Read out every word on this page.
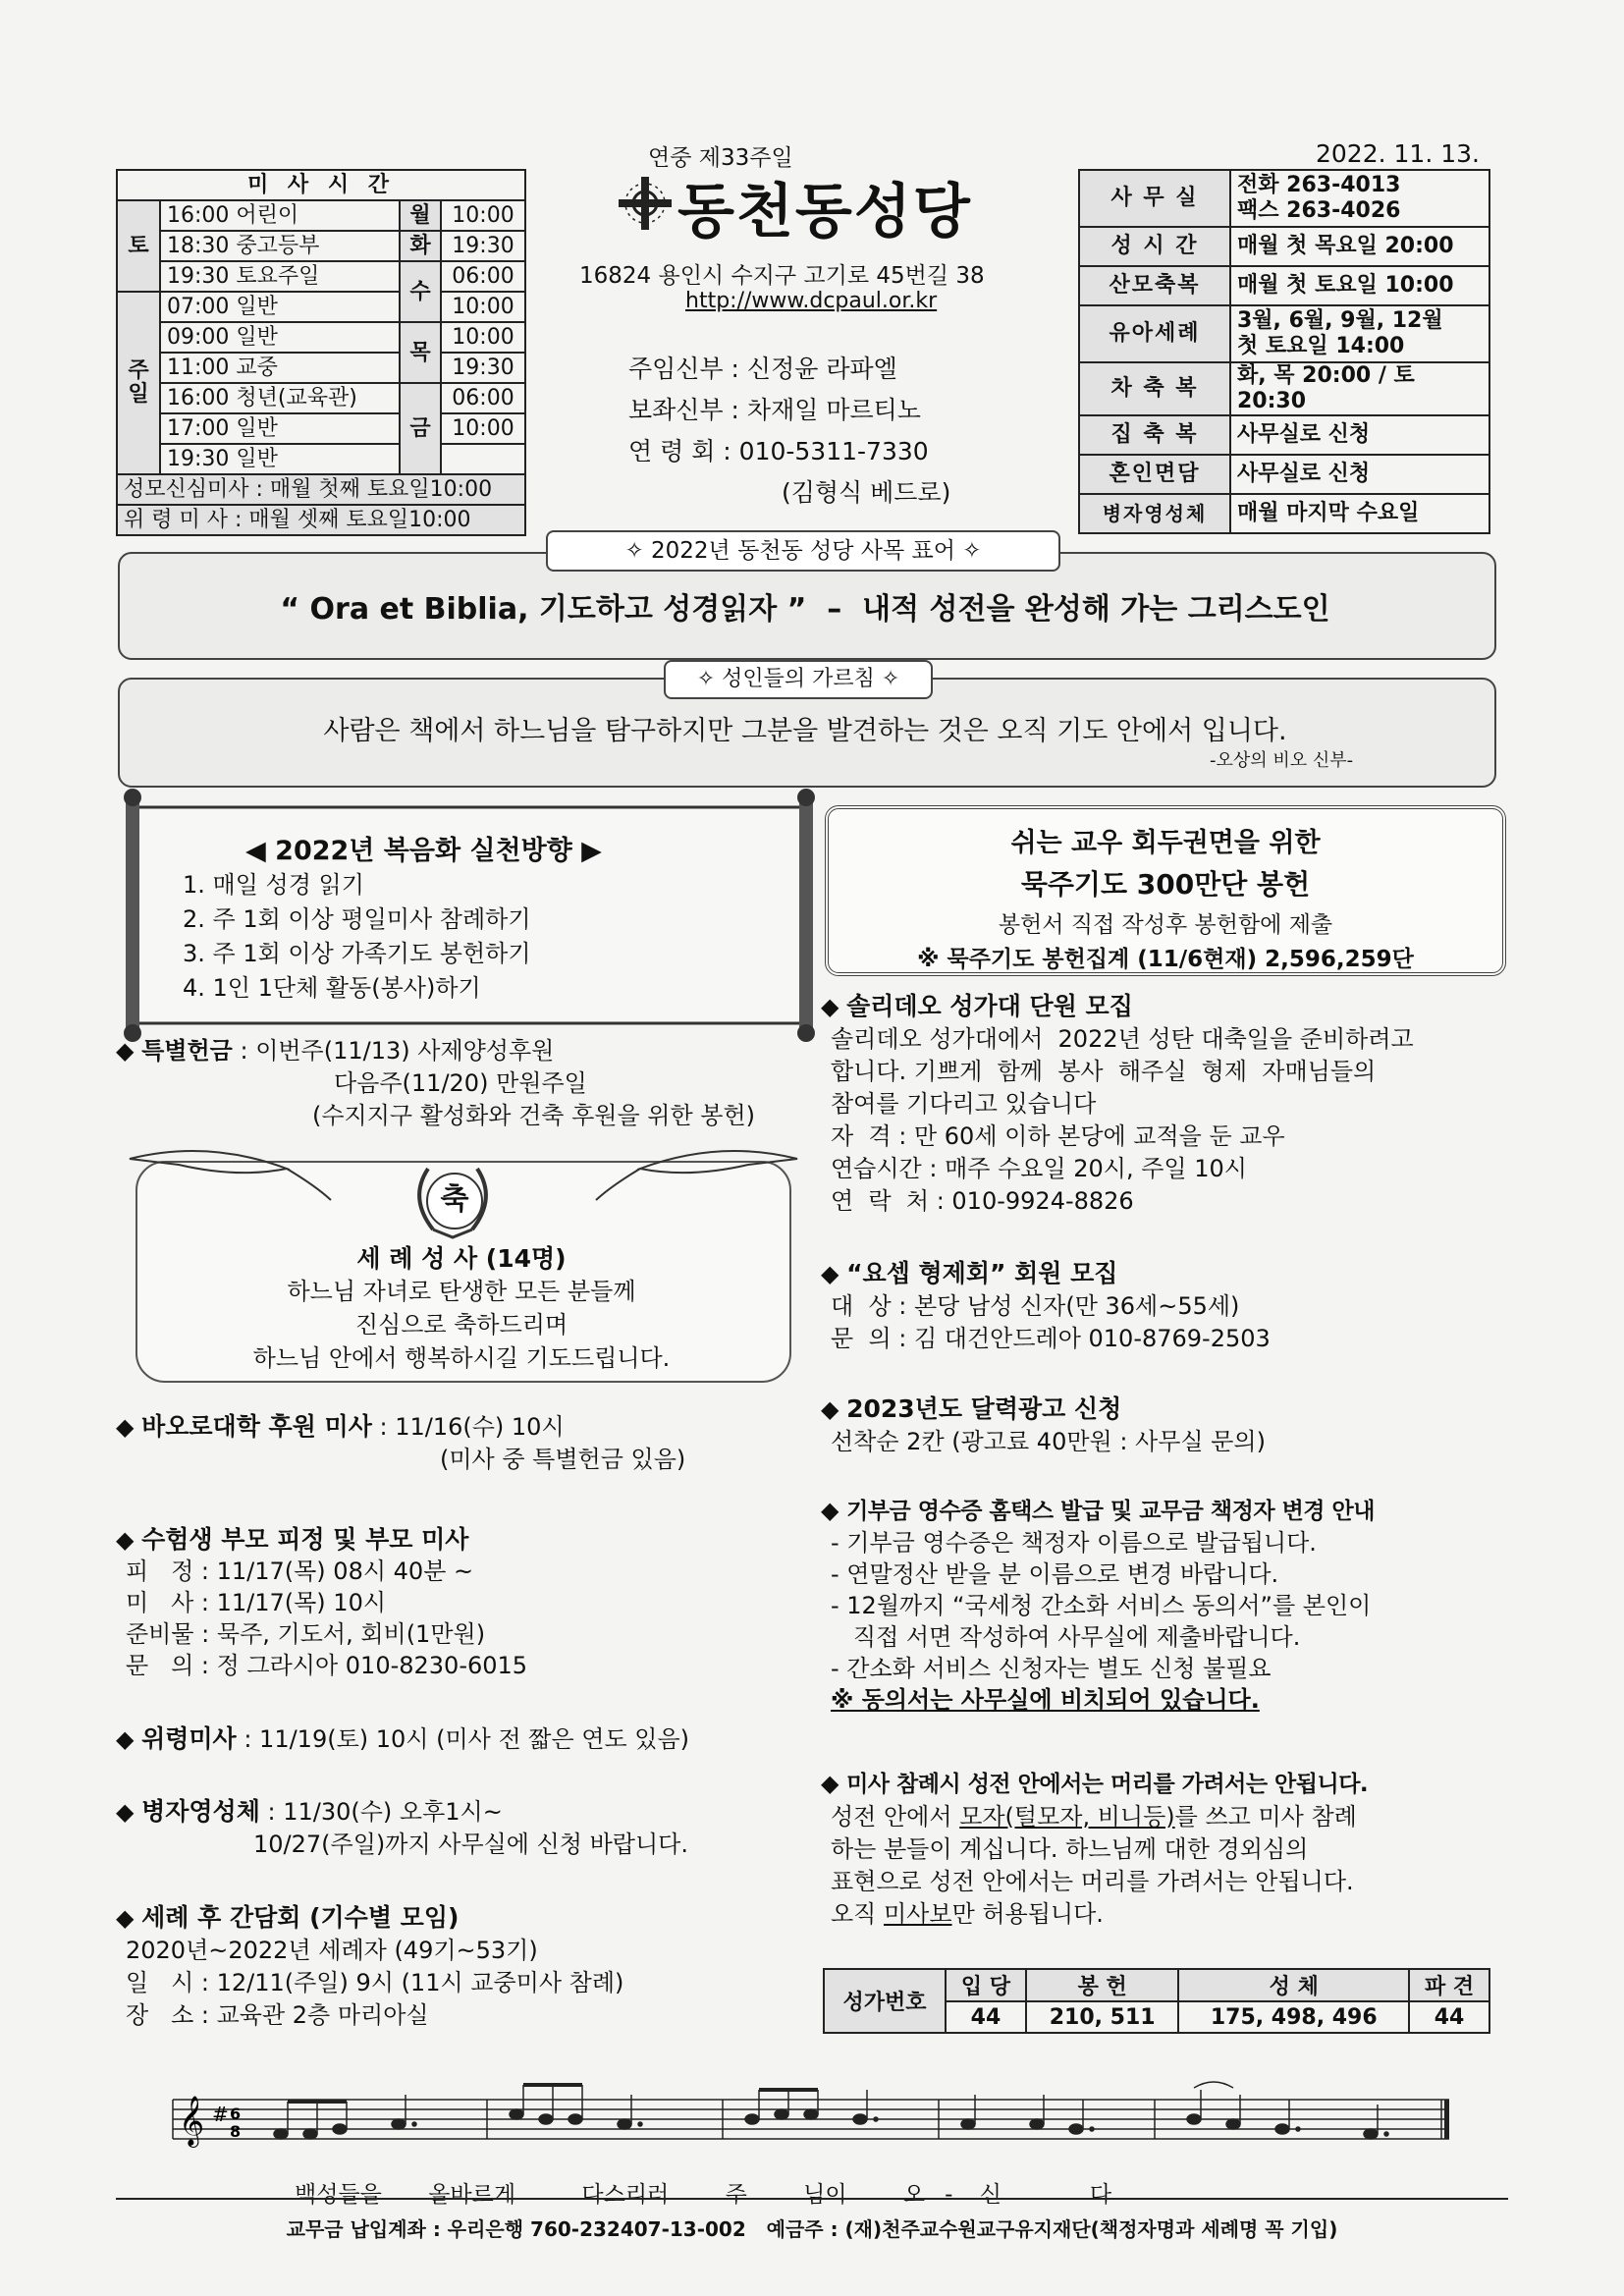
연중 제33주일	2022. 11. 13.
미 사 시 간			
토	16:00 어린이	월	10:00
	18:30 중고등부	화	19:30
	19:30 토요주일	수	06:00
주
일	07:00 일반		10:00
	09:00 일반	목	10:00
	11:00 교중		19:30
	16:00 청년(교육관)	금	06:00
	17:00 일반		10:00
	19:30 일반		
성모신심미사 : 매월 첫째 토요일10:00			
위 령 미 사 : 매월 셋째 토요일10:00			
동천동성당
16824 용인시 수지구 고기로 45번길 38
http://www.dcpaul.or.kr
주임신부 : 신정윤 라파엘
보좌신부 : 차재일 마르티노
연 령 회 : 010-5311-7330
(김형식 베드로)
사 무 실	전화 263-4013
팩스 263-4026

성 시 간	매월 첫 목요일 20:00
산모축복	매월 첫 토요일 10:00
유아세례	3월, 6월, 9월, 12월
첫 토요일 14:00

차 축 복	화, 목 20:00 / 토 20:30
집 축 복	사무실로 신청
혼인면담	사무실로 신청
병자영성체	매월 마지막 수요일
✧ 2022년 동천동 성당 사목 표어 ✧
“ Ora et Biblia, 기도하고 성경읽자 ”  –  내적 성전을 완성해 가는 그리스도인
✧ 성인들의 가르침 ✧
사람은 책에서 하느님을 탐구하지만 그분을 발견하는 것은 오직 기도 안에서 입니다.
-오상의 비오 신부-
◀ 2022년 복음화 실천방향 ▶
1. 매일 성경 읽기
2. 주 1회 이상 평일미사 참례하기
3. 주 1회 이상 가족기도 봉헌하기
4. 1인 1단체 활동(봉사)하기
쉬는 교우 회두권면을 위한
묵주기도 300만단 봉헌
봉헌서 직접 작성후 봉헌함에 제출
※ 묵주기도 봉헌집계 (11/6현재) 2,596,259단
◆ 특별헌금 : 이번주(11/13) 사제양성후원
다음주(11/20) 만원주일
(수지지구 활성화와 건축 후원을 위한 봉헌)
축
세 례 성 사 (14명)
하느님 자녀로 탄생한 모든 분들께
진심으로 축하드리며
하느님 안에서 행복하시길 기도드립니다.
◆ 바오로대학 후원 미사 : 11/16(수) 10시
(미사 중 특별헌금 있음)
◆ 수험생 부모 피정 및 부모 미사
피   정 : 11/17(목) 08시 40분 ~
미   사 : 11/17(목) 10시
준비물 : 묵주, 기도서, 회비(1만원)
문   의 : 정 그라시아 010-8230-6015
◆ 위령미사 : 11/19(토) 10시 (미사 전 짧은 연도 있음)
◆ 병자영성체 : 11/30(수) 오후1시~
10/27(주일)까지 사무실에 신청 바랍니다.
◆ 세례 후 간담회 (기수별 모임)
2020년~2022년 세례자 (49기~53기)
일   시 : 12/11(주일) 9시 (11시 교중미사 참례)
장   소 : 교육관 2층 마리아실
◆ 솔리데오 성가대 단원 모집
솔리데오 성가대에서  2022년 성탄 대축일을 준비하려고
합니다. 기쁘게  함께  봉사  해주실  형제  자매님들의
참여를 기다리고 있습니다
자  격 : 만 60세 이하 본당에 교적을 둔 교우
연습시간 : 매주 수요일 20시, 주일 10시
연  락  처 : 010-9924-8826
◆ “요셉 형제회” 회원 모집
대  상 : 본당 남성 신자(만 36세~55세)
문  의 : 김 대건안드레아 010-8769-2503
◆ 2023년도 달력광고 신청
선착순 2칸 (광고료 40만원 : 사무실 문의)
◆ 기부금 영수증 홈택스 발급 및 교무금 책정자 변경 안내
- 기부금 영수증은 책정자 이름으로 발급됩니다.
- 연말정산 받을 분 이름으로 변경 바랍니다.
- 12월까지 “국세청 간소화 서비스 동의서”를 본인이
직접 서면 작성하여 사무실에 제출바랍니다.
- 간소화 서비스 신청자는 별도 신청 불필요
※ 동의서는 사무실에 비치되어 있습니다.
◆ 미사 참례시 성전 안에서는 머리를 가려서는 안됩니다.
성전 안에서 모자(털모자, 비니등)를 쓰고 미사 참례
하는 분들이 계십니다. 하느님께 대한 경외심의
표현으로 성전 안에서는 머리를 가려서는 안됩니다.
오직 미사보만 허용됩니다.
성가번호	입 당	봉 헌	성 체	파 견
	44	210, 511	175, 498, 496	44
𝄞 # 6
8
백성들을 올바르게	다스리러 주 님이 오 - 신	다
교무금 납입계좌 : 우리은행 760-232407-13-002   예금주 : (재)천주교수원교구유지재단(책정자명과 세례명 꼭 기입)
